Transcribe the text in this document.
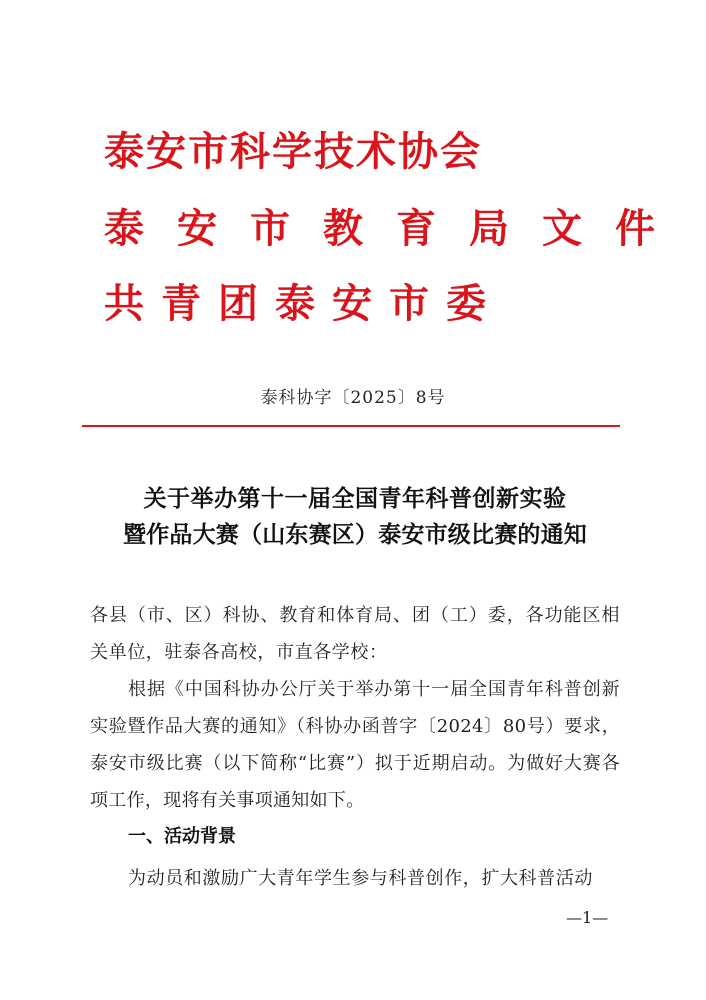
泰安市科学技术协会
泰安市教育局文件
共青团泰安市委
泰科协字〔2025〕8号
关于举办第十一届全国青年科普创新实验
暨作品大赛（山东赛区）泰安市级比赛的通知
各县（市、区）科协、教育和体育局、团（工）委，各功能区相关单位，驻泰各高校，市直各学校：
根据《中国科协办公厅关于举办第十一届全国青年科普创新实验暨作品大赛的通知》（科协办函普字〔2024〕80号）要求，泰安市级比赛（以下简称“比赛”）拟于近期启动。为做好大赛各项工作，现将有关事项通知如下。
一、活动背景
为动员和激励广大青年学生参与科普创作，扩大科普活动
—1—
